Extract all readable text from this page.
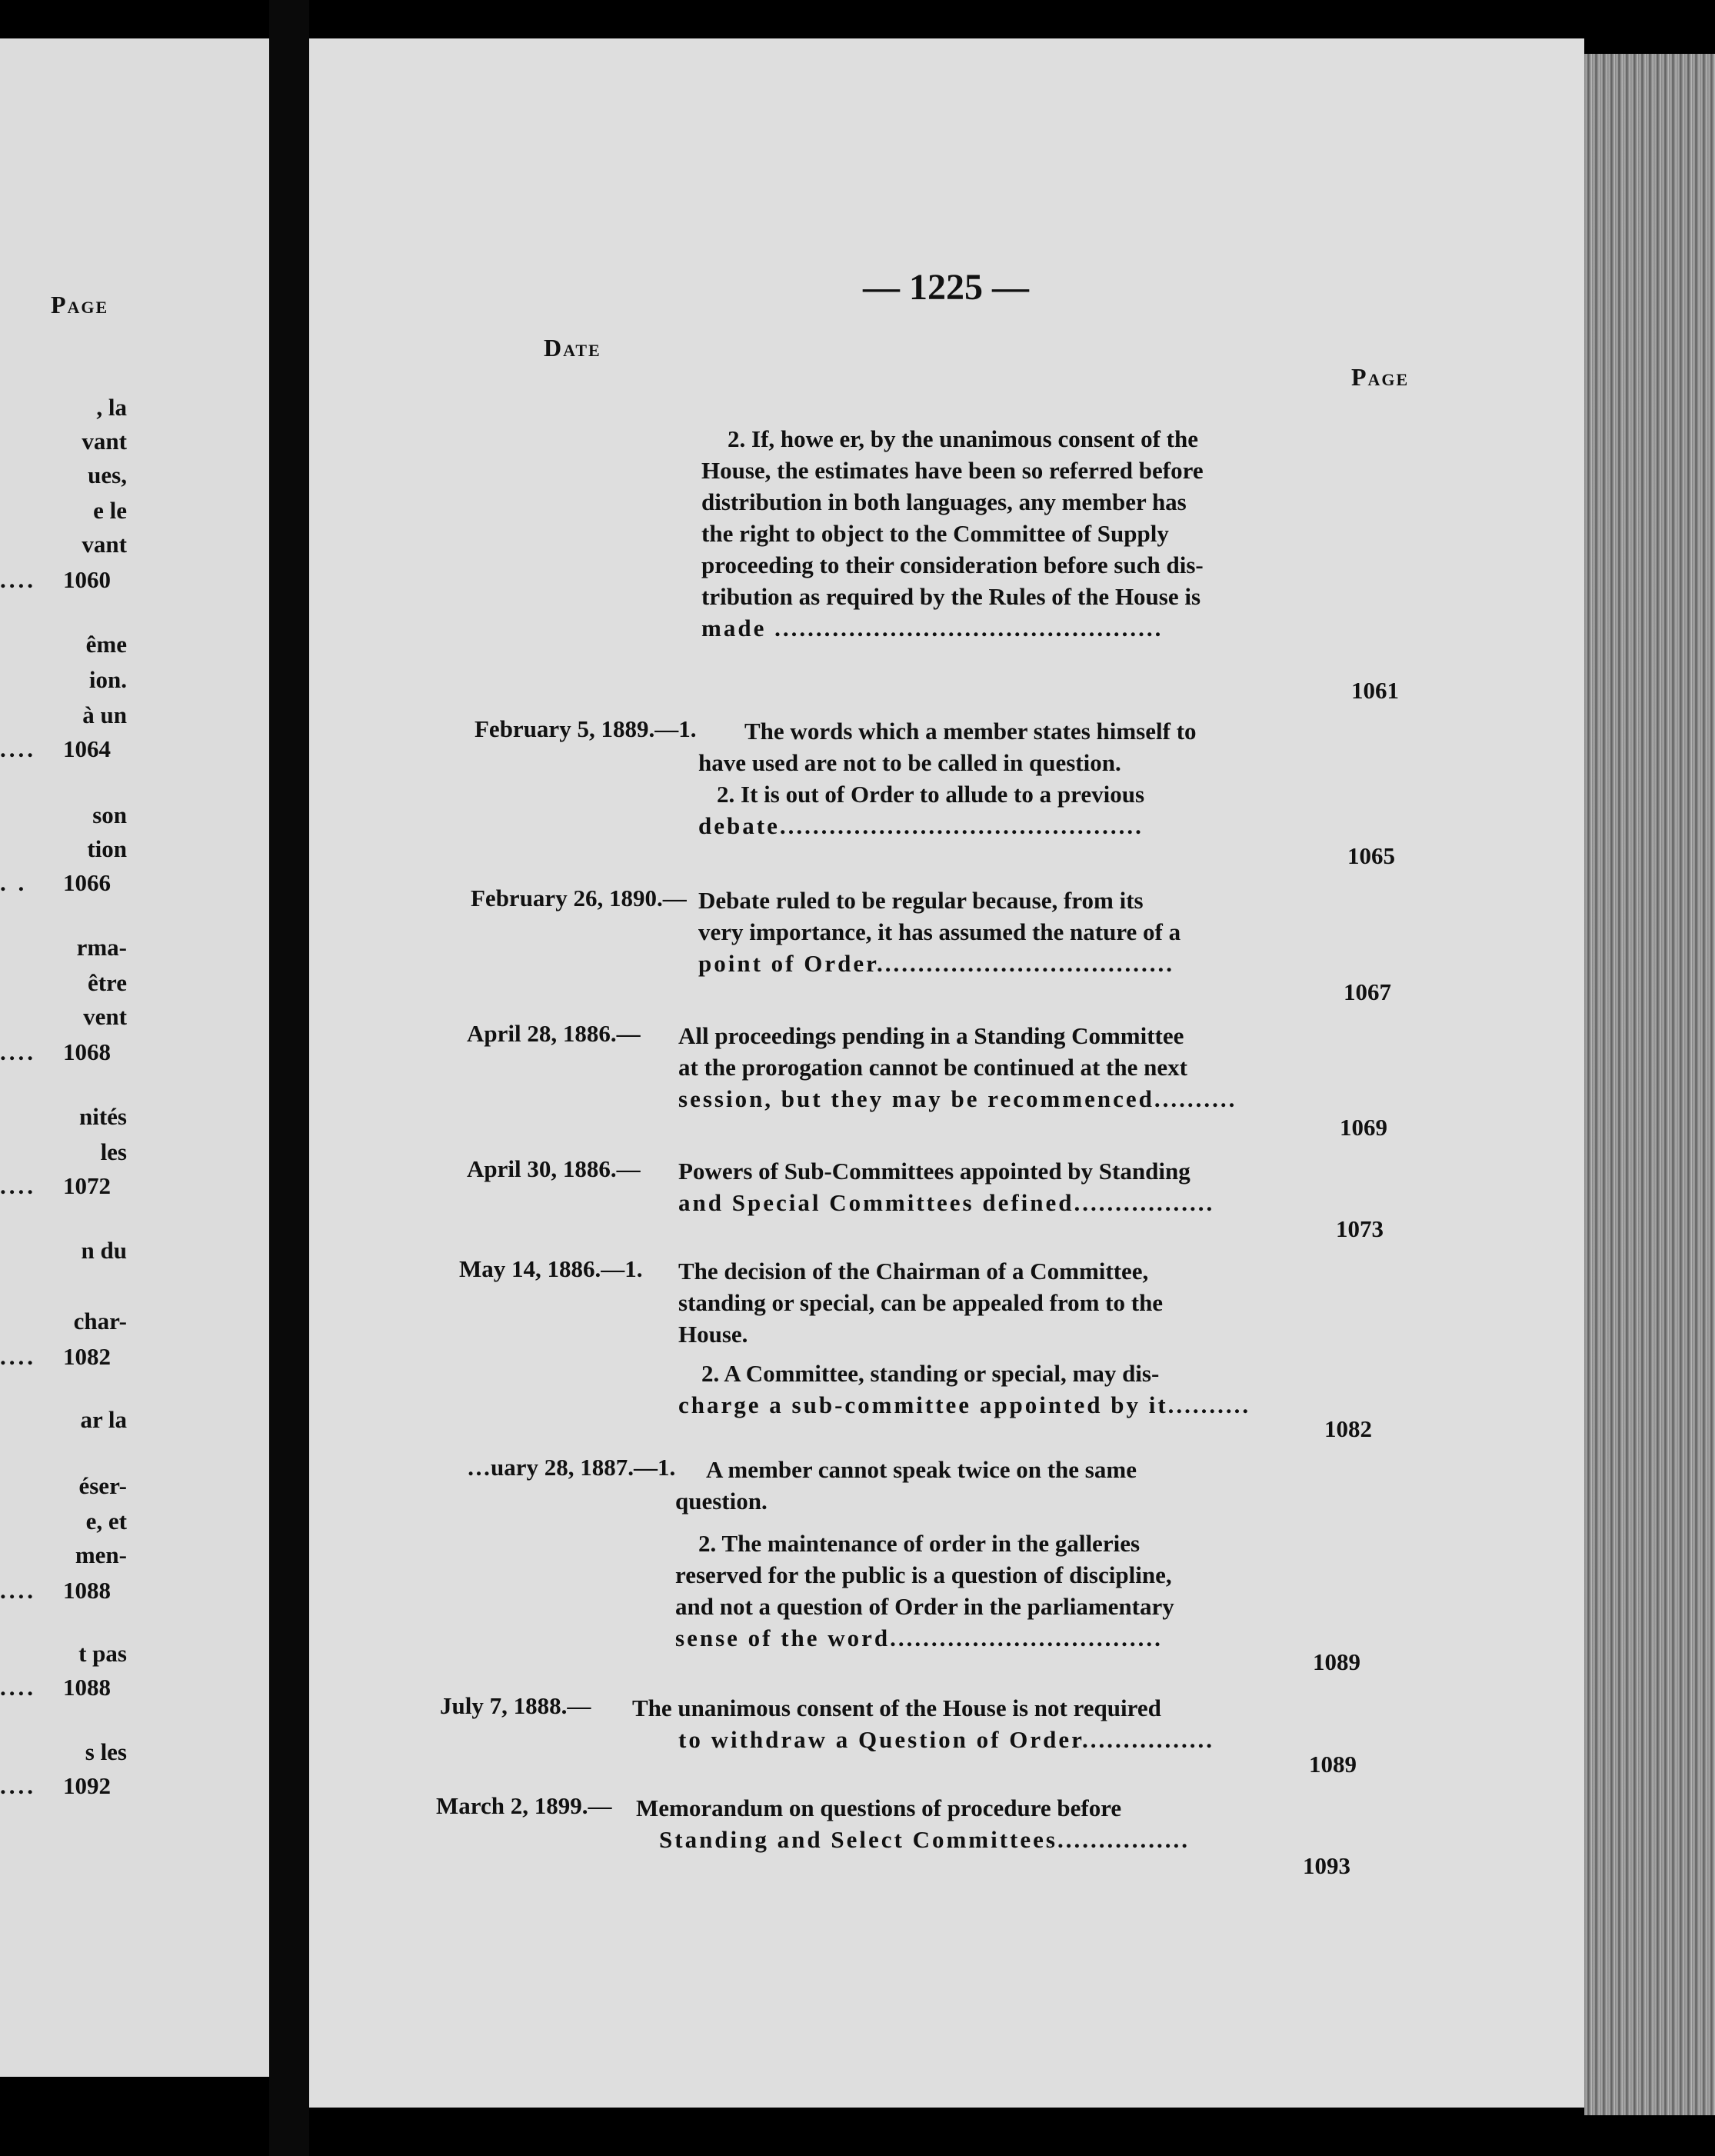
Page
, la
vant
ues,
e le
vant
.... 1060
ême
ion.
à un
.... 1064
son
tion
. . 1066
rma-
être
vent
.... 1068
nités
les
.... 1072
n du
char-
.... 1082
ar la
éser-
e, et
men-
.... 1088
t pas
.... 1088
s les
.... 1092
— 1225 —
Date
Page
2. If, howe er, by the unanimous consent of the
House, the estimates have been so referred before
distribution in both languages, any member has
the right to object to the Committee of Supply
proceeding to their consideration before such dis-
tribution as required by the Rules of the House is
made ...............................................
1061
February 5, 1889.—1.	The words which a member states himself to
have used are not to be called in question.
2. It is out of Order to allude to a previous
debate............................................
1065
February 26, 1890.— Debate ruled to be regular because, from its
very importance, it has assumed the nature of a
point of Order....................................
1067
April 28, 1886.— All proceedings pending in a Standing Committee
at the prorogation cannot be continued at the next
session, but they may be recommenced..........
1069
April 30, 1886.— Powers of Sub-Committees appointed by Standing
and Special Committees defined.................
1073
May 14, 1886.—1. The decision of the Chairman of a Committee,
standing or special, can be appealed from to the
House.
2. A Committee, standing or special, may dis-
charge a sub-committee appointed by it..........
1082
…uary 28, 1887.—1.	A member cannot speak twice on the same
question.
2. The maintenance of order in the galleries
reserved for the public is a question of discipline,
and not a question of Order in the parliamentary
sense of the word.................................
1089
July 7, 1888.— The unanimous consent of the House is not required
to withdraw a Question of Order................
1089
March 2, 1899.— Memorandum on questions of procedure before
Standing and Select Committees................
1093
